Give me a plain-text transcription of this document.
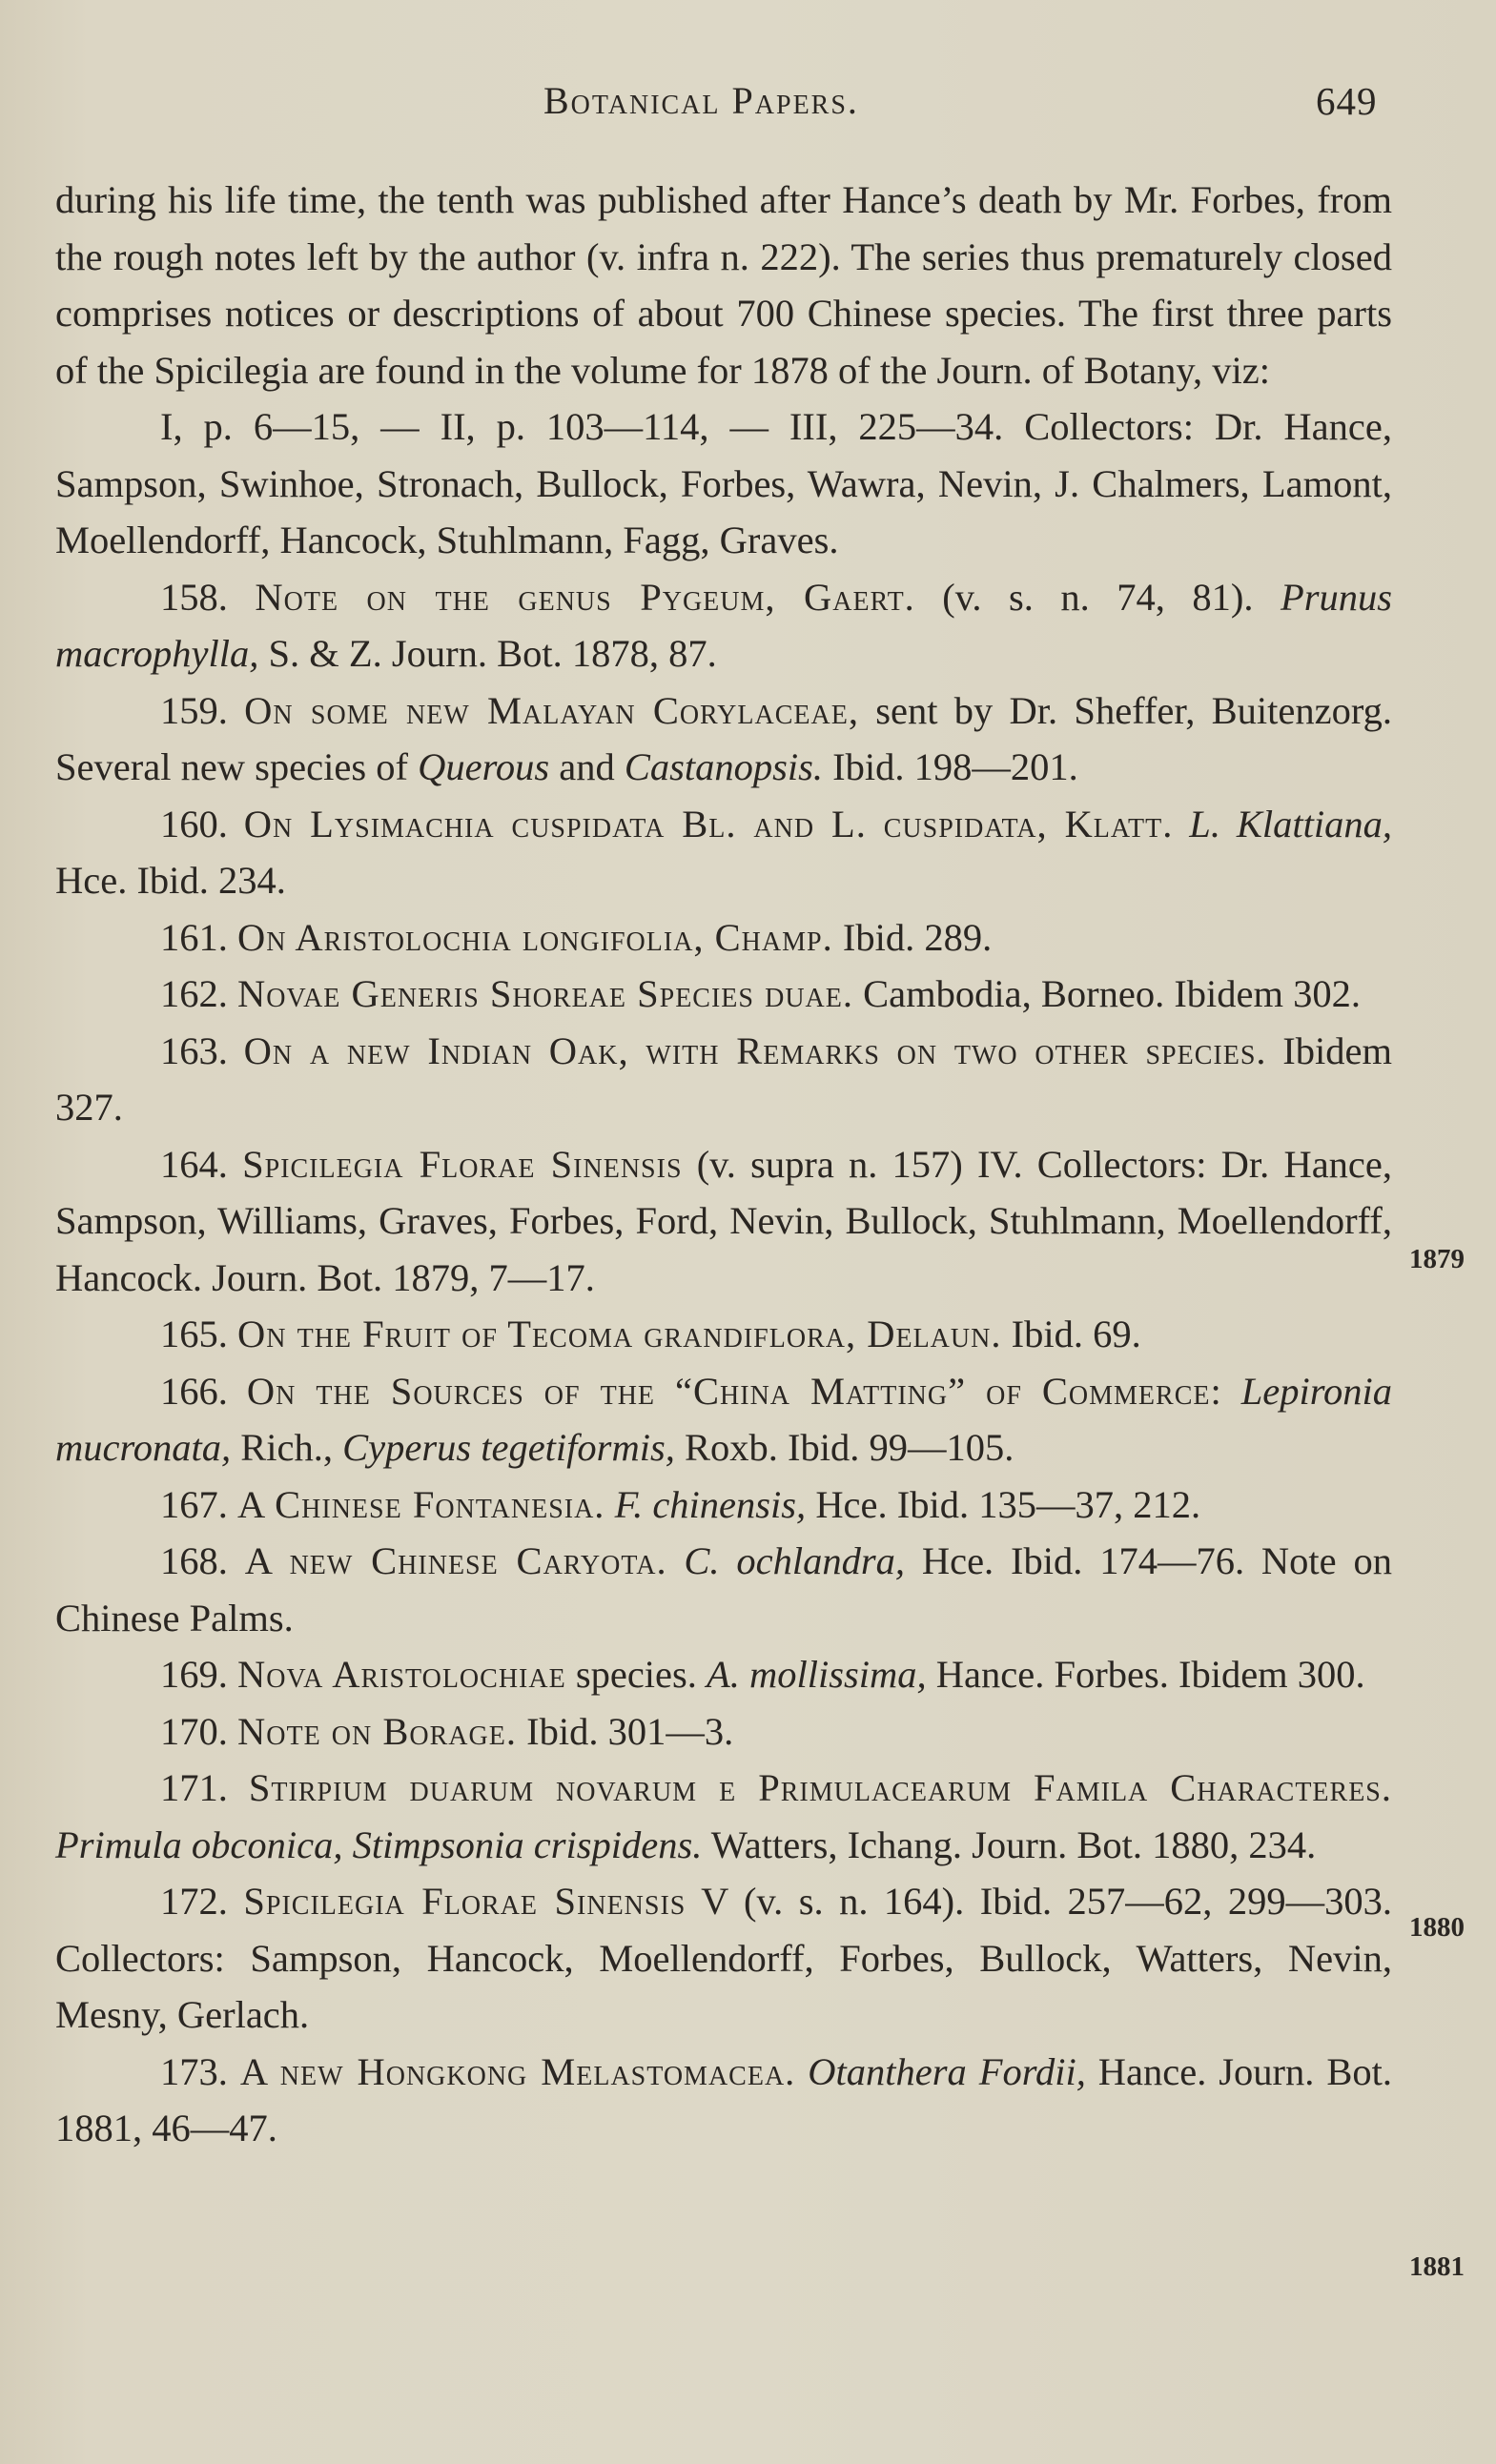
Botanical Papers.	649

during his life time, the tenth was published after Hance’s death by Mr. Forbes, from the rough notes left by the author (v. infra n. 222). The series thus prematurely closed comprises notices or descriptions of about 700 Chinese species. The first three parts of the Spicilegia are found in the volume for 1878 of the Journ. of Botany, viz:

I, p. 6—15, — II, p. 103—114, — III, 225—34. Collectors: Dr. Hance, Sampson, Swinhoe, Stronach, Bullock, Forbes, Wawra, Nevin, J. Chalmers, Lamont, Moellendorff, Hancock, Stuhlmann, Fagg, Graves.

158. Note on the genus Pygeum, Gaert. (v. s. n. 74, 81). Prunus macrophylla, S. & Z. Journ. Bot. 1878, 87.

159. On some new Malayan Corylaceae, sent by Dr. Sheffer, Buitenzorg. Several new species of Querous and Castanopsis. Ibid. 198—201.

160. On Lysimachia cuspidata Bl. and L. cuspidata, Klatt. L. Klattiana, Hce. Ibid. 234.

161. On Aristolochia longifolia, Champ. Ibid. 289.

162. Novae Generis Shoreae Species duae. Cambodia, Borneo. Ibidem 302.

163. On a new Indian Oak, with Remarks on two other species. Ibidem 327.

164. Spicilegia Florae Sinensis (v. supra n. 157) IV. Collectors: Dr. Hance, Sampson, Williams, Graves, Forbes, Ford, Nevin, Bullock, Stuhlmann, Moellendorff, Hancock. Journ. Bot. 1879, 7—17.

165. On the Fruit of Tecoma grandiflora, Delaun. Ibid. 69.

166. On the Sources of the “China Matting” of Commerce: Lepironia mucronata, Rich., Cyperus tegetiformis, Roxb. Ibid. 99—105.

167. A Chinese Fontanesia. F. chinensis, Hce. Ibid. 135—37, 212.

168. A new Chinese Caryota. C. ochlandra, Hce. Ibid. 174—76. Note on Chinese Palms.

169. Nova Aristolochiae species. A. mollissima, Hance. Forbes. Ibidem 300.

170. Note on Borage. Ibid. 301—3.

171. Stirpium duarum novarum e Primulacearum Famila Characteres. Primula obconica, Stimpsonia crispidens. Watters, Ichang. Journ. Bot. 1880, 234.

172. Spicilegia Florae Sinensis V (v. s. n. 164). Ibid. 257—62, 299—303. Collectors: Sampson, Hancock, Moellendorff, Forbes, Bullock, Watters, Nevin, Mesny, Gerlach.

173. A new Hongkong Melastomacea. Otanthera Fordii, Hance. Journ. Bot. 1881, 46—47.

1879
1880
1881
